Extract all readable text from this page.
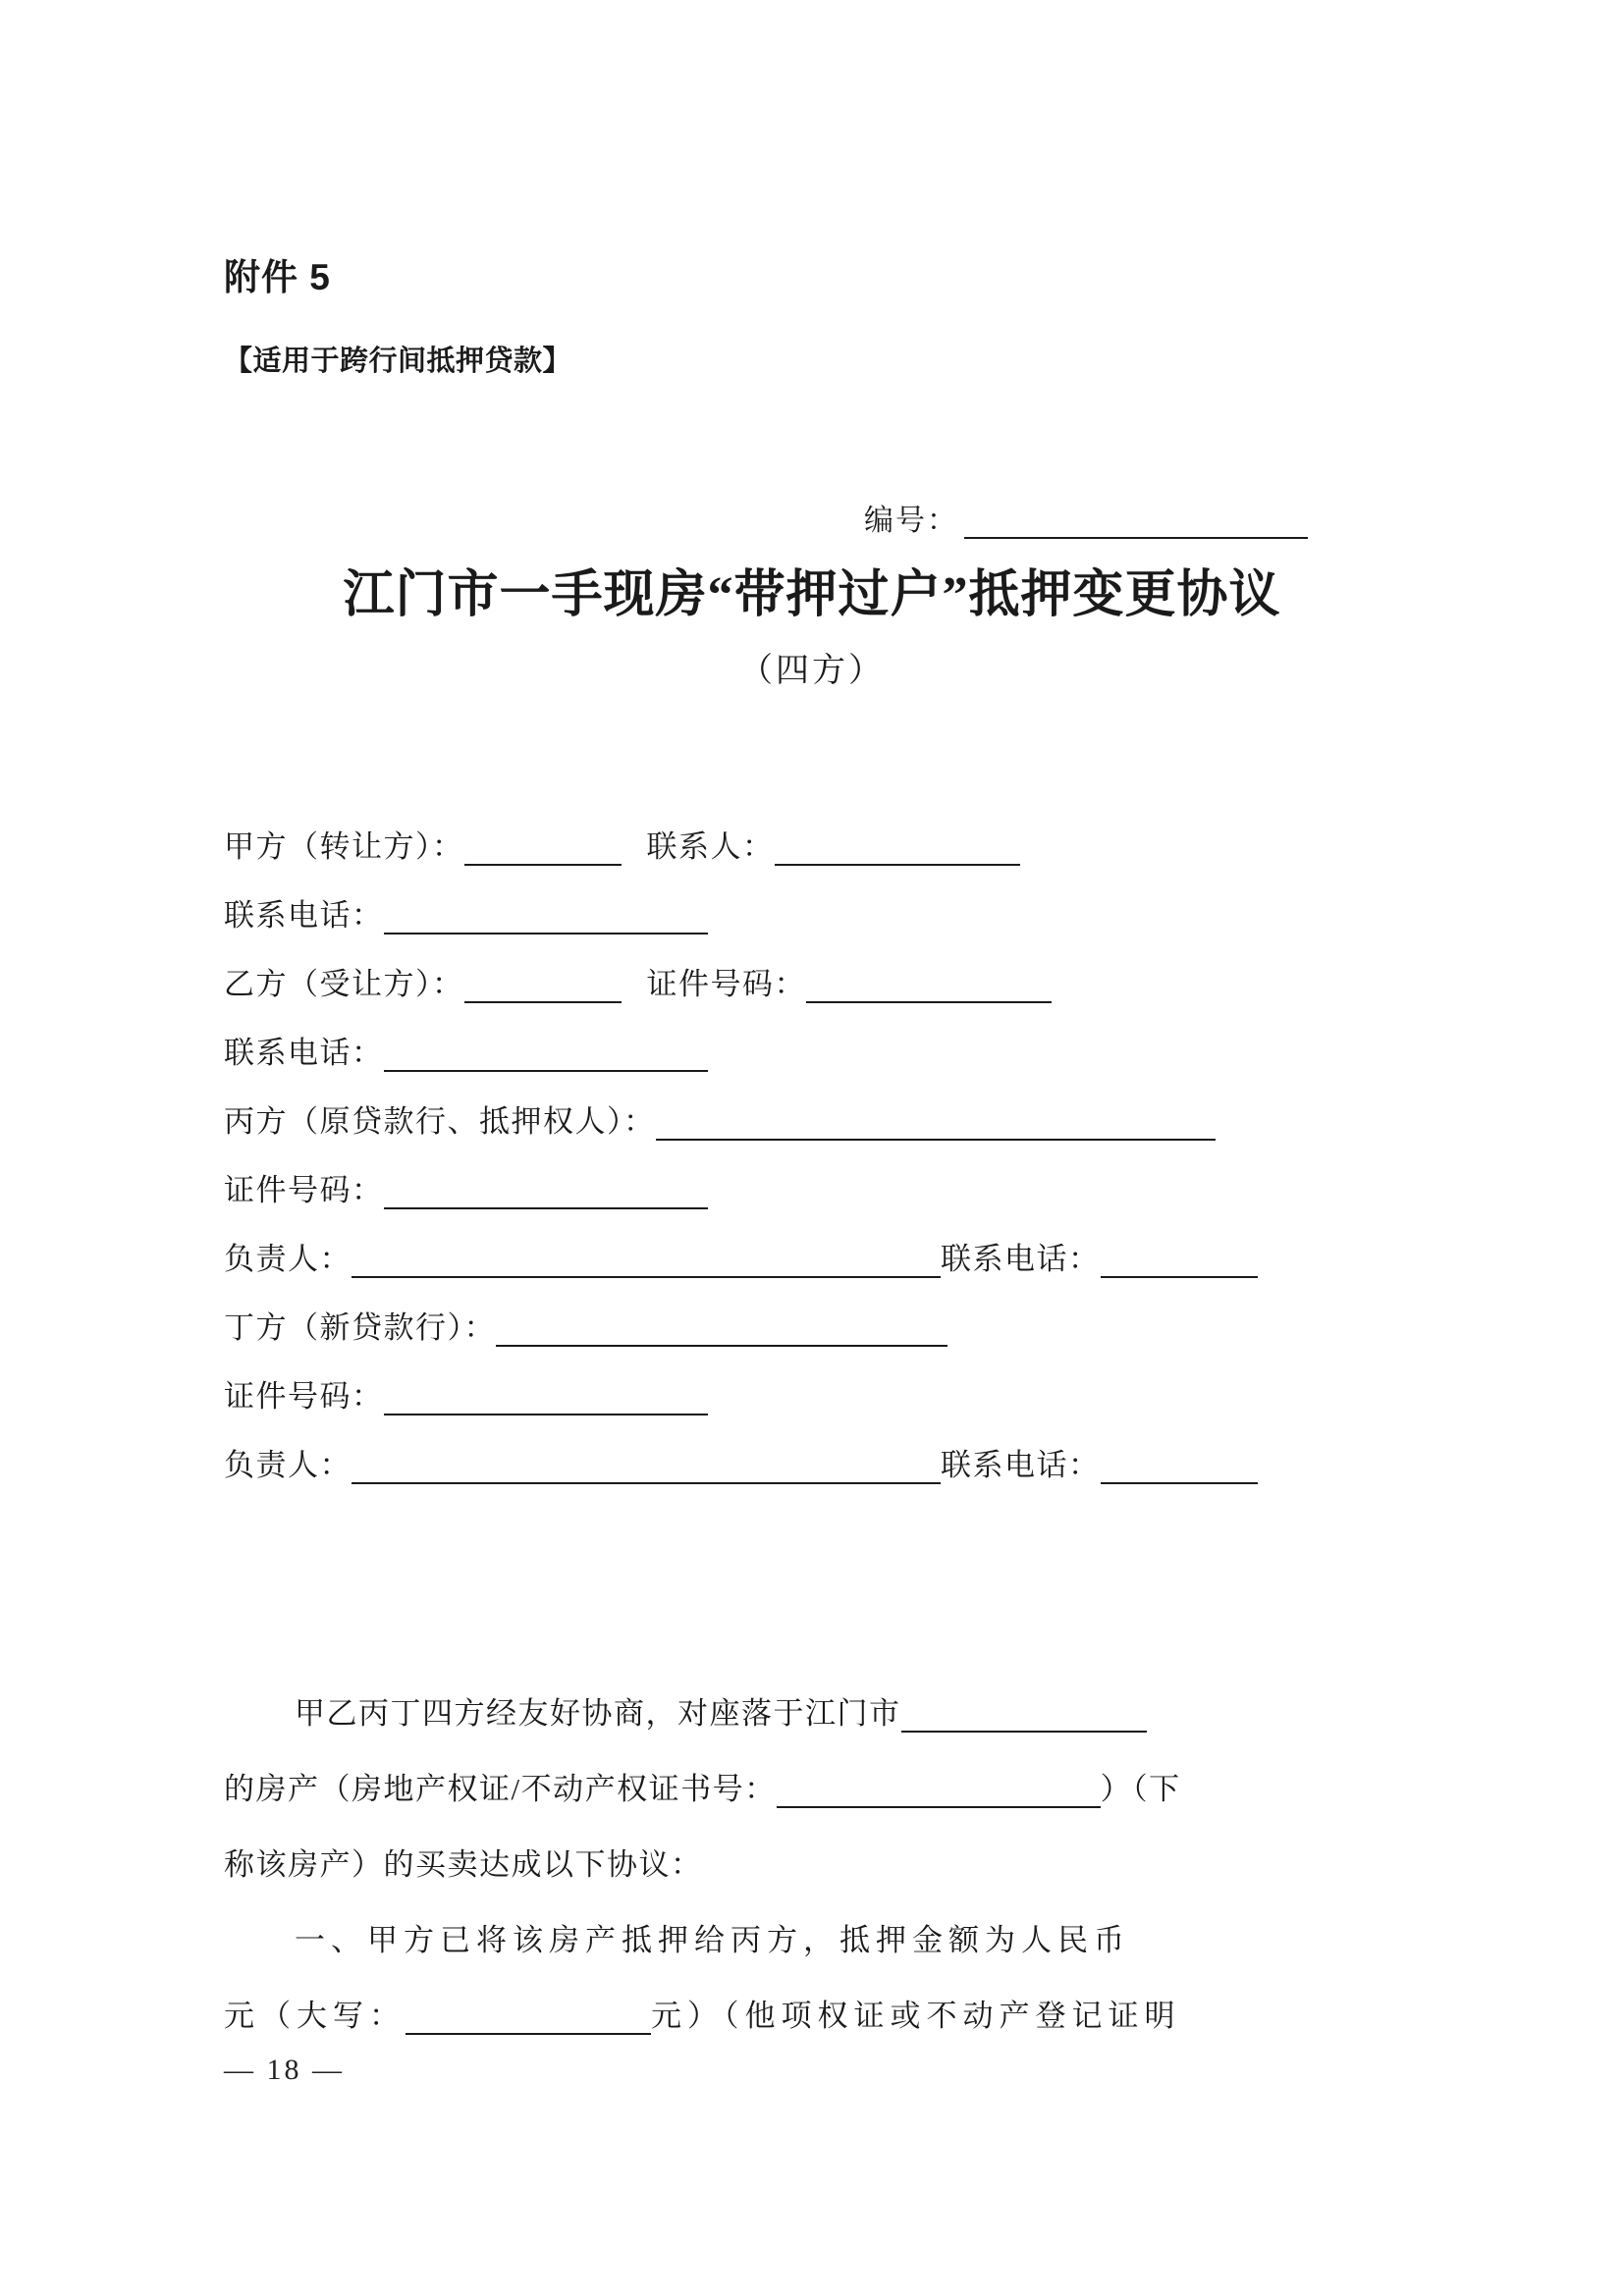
附件 5
【适用于跨行间抵押贷款】
编号：
江门市一手现房“带押过户”抵押变更协议
（四方）
甲方（转让方）：	联系人：
联系电话：
乙方（受让方）：	证件号码：
联系电话：
丙方（原贷款行、抵押权人）：
证件号码：
负责人：	联系电话：
丁方（新贷款行）：
证件号码：
负责人：	联系电话：
甲乙丙丁四方经友好协商，对座落于江门市
的房产（房地产权证/不动产权证书号：	）（下
称该房产）的买卖达成以下协议：
一、甲方已将该房产抵押给丙方，抵押金额为人民币
元（大写：	元）（他项权证或不动产登记证明
— 18 —
